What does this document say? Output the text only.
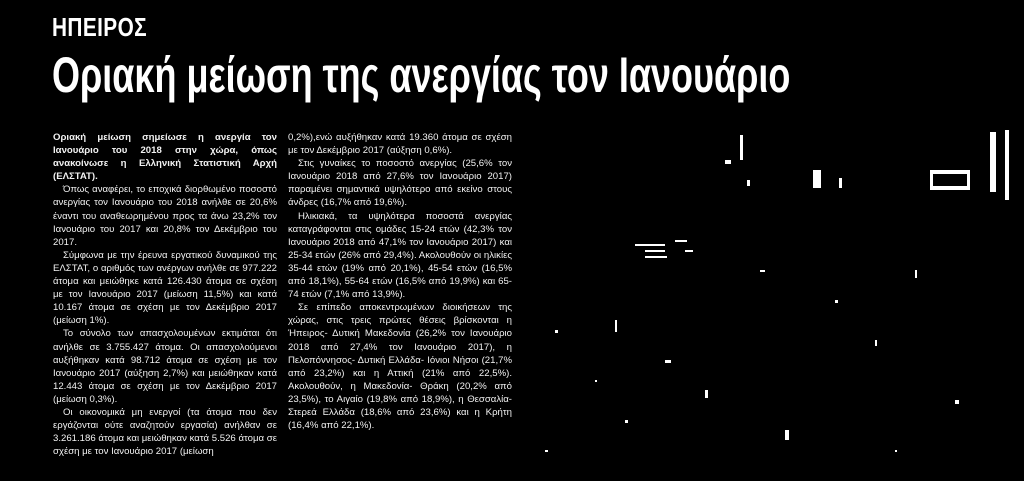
ΗΠΕΙΡΟΣ
Οριακή μείωση της ανεργίας τον Ιανουάριο

Οριακή μείωση σημείωσε η ανεργία τον Ιανουάριο του 2018 στην χώρα, όπως ανακοίνωσε η Ελληνική Στατιστική Αρχή (ΕΛΣΤΑΤ).

Όπως αναφέρει, το εποχικά διορθωμένο ποσοστό ανεργίας τον Ιανουάριο του 2018 ανήλθε σε 20,6% έναντι του αναθεωρημένου προς τα άνω 23,2% τον Ιανουάριο του 2017 και 20,8% τον Δεκέμβριο του 2017.

Σύμφωνα με την έρευνα εργατικού δυναμικού της ΕΛΣΤΑΤ, ο αριθμός των ανέργων ανήλθε σε 977.222 άτομα και μειώθηκε κατά 126.430 άτομα σε σχέση με τον Ιανουάριο 2017 (μείωση 11,5%) και κατά 10.167 άτομα σε σχέση με τον Δεκέμβριο 2017 (μείωση 1%).

Το σύνολο των απασχολουμένων εκτιμάται ότι ανήλθε σε 3.755.427 άτομα. Οι απασχολούμενοι αυξήθηκαν κατά 98.712 άτομα σε σχέση με τον Ιανουάριο 2017 (αύξηση 2,7%) και μειώθηκαν κατά 12.443 άτομα σε σχέση με τον Δεκέμβριο 2017 (μείωση 0,3%).

Οι οικονομικά μη ενεργοί (τα άτομα που δεν εργάζονται ούτε αναζητούν εργασία) ανήλθαν σε 3.261.186 άτομα και μειώθηκαν κατά 5.526 άτομα σε σχέση με τον Ιανουάριο 2017 (μείωση

0,2%),ενώ αυξήθηκαν κατά 19.360 άτομα σε σχέση με τον Δεκέμβριο 2017 (αύξηση 0,6%).

Στις γυναίκες το ποσοστό ανεργίας (25,6% τον Ιανουάριο 2018 από 27,6% τον Ιανουάριο 2017) παραμένει σημαντικά υψηλότερο από εκείνο στους άνδρες (16,7% από 19,6%).

Ηλικιακά, τα υψηλότερα ποσοστά ανεργίας καταγράφονται στις ομάδες 15-24 ετών (42,3% τον Ιανουάριο 2018 από 47,1% τον Ιανουάριο 2017) και 25-34 ετών (26% από 29,4%). Ακολουθούν οι ηλικίες 35-44 ετών (19% από 20,1%), 45-54 ετών (16,5% από 18,1%), 55-64 ετών (16,5% από 19,9%) και 65-74 ετών (7,1% από 13,9%).

Σε επίπεδο αποκεντρωμένων διοικήσεων της χώρας, στις τρεις πρώτες θέσεις βρίσκονται η Ήπειρος- Δυτική Μακεδονία (26,2% τον Ιανουάριο 2018 από 27,4% τον Ιανουάριο 2017), η Πελοπόννησος- Δυτική Ελλάδα- Ιόνιοι Νήσοι (21,7% από 23,2%) και η Αττική (21% από 22,5%). Ακολουθούν, η Μακεδονία- Θράκη (20,2% από 23,5%), το Αιγαίο (19,8% από 18,9%), η Θεσσαλία- Στερεά Ελλάδα (18,6% από 23,6%) και η Κρήτη (16,4% από 22,1%).
